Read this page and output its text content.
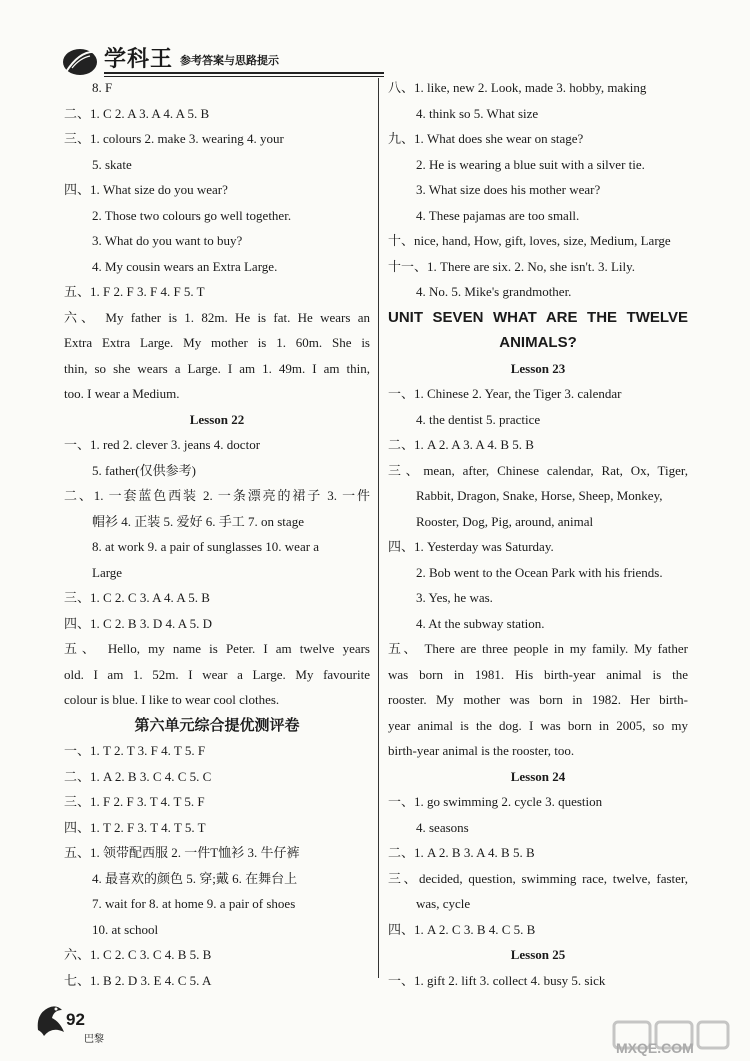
学科王 参考答案与思路提示
8. F
二、1. C 2. A 3. A 4. A 5. B
三、1. colours 2. make 3. wearing 4. your
5. skate
四、1. What size do you wear?
2. Those two colours go well together.
3. What do you want to buy?
4. My cousin wears an Extra Large.
五、1. F 2. F 3. F 4. F 5. T
六、 My father is 1. 82m. He is fat. He wears an
Extra Extra Large. My mother is 1. 60m. She is
thin, so she wears a Large. I am 1. 49m. I am thin,
too. I wear a Medium.
Lesson 22
一、1. red 2. clever 3. jeans 4. doctor
5. father(仅供参考)
二、1. 一套蓝色西装 2. 一条漂亮的裙子 3. 一件
帽衫 4. 正装 5. 爱好 6. 手工 7. on stage
8. at work 9. a pair of sunglasses 10. wear a
Large
三、1. C 2. C 3. A 4. A 5. B
四、1. C 2. B 3. D 4. A 5. D
五、 Hello, my name is Peter. I am twelve years
old. I am 1. 52m. I wear a Large. My favourite
colour is blue. I like to wear cool clothes.
第六单元综合提优测评卷
一、1. T 2. T 3. F 4. T 5. F
二、1. A 2. B 3. C 4. C 5. C
三、1. F 2. F 3. T 4. T 5. F
四、1. T 2. F 3. T 4. T 5. T
五、1. 领带配西服 2. 一件T恤衫 3. 牛仔裤
4. 最喜欢的颜色 5. 穿;戴 6. 在舞台上
7. wait for 8. at home 9. a pair of shoes
10. at school
六、1. C 2. C 3. C 4. B 5. B
七、1. B 2. D 3. E 4. C 5. A
八、1. like, new 2. Look, made 3. hobby, making
4. think so 5. What size
九、1. What does she wear on stage?
2. He is wearing a blue suit with a silver tie.
3. What size does his mother wear?
4. These pajamas are too small.
十、nice, hand, How, gift, loves, size, Medium, Large
十一、1. There are six. 2. No, she isn't. 3. Lily.
4. No. 5. Mike's grandmother.
UNIT SEVEN WHAT ARE THE TWELVE
ANIMALS?
Lesson 23
一、1. Chinese 2. Year, the Tiger 3. calendar
4. the dentist 5. practice
二、1. A 2. A 3. A 4. B 5. B
三、mean, after, Chinese calendar, Rat, Ox, Tiger,
Rabbit, Dragon, Snake, Horse, Sheep, Monkey,
Rooster, Dog, Pig, around, animal
四、1. Yesterday was Saturday.
2. Bob went to the Ocean Park with his friends.
3. Yes, he was.
4. At the subway station.
五、 There are three people in my family. My father
was born in 1981. His birth-year animal is the
rooster. My mother was born in 1982. Her birth-
year animal is the dog. I was born in 2005, so my
birth-year animal is the rooster, too.
Lesson 24
一、1. go swimming 2. cycle 3. question
4. seasons
二、1. A 2. B 3. A 4. B 5. B
三、decided, question, swimming race, twelve, faster,
was, cycle
四、1. A 2. C 3. B 4. C 5. B
Lesson 25
一、1. gift 2. lift 3. collect 4. busy 5. sick
92
巴黎
MXQE.COM
